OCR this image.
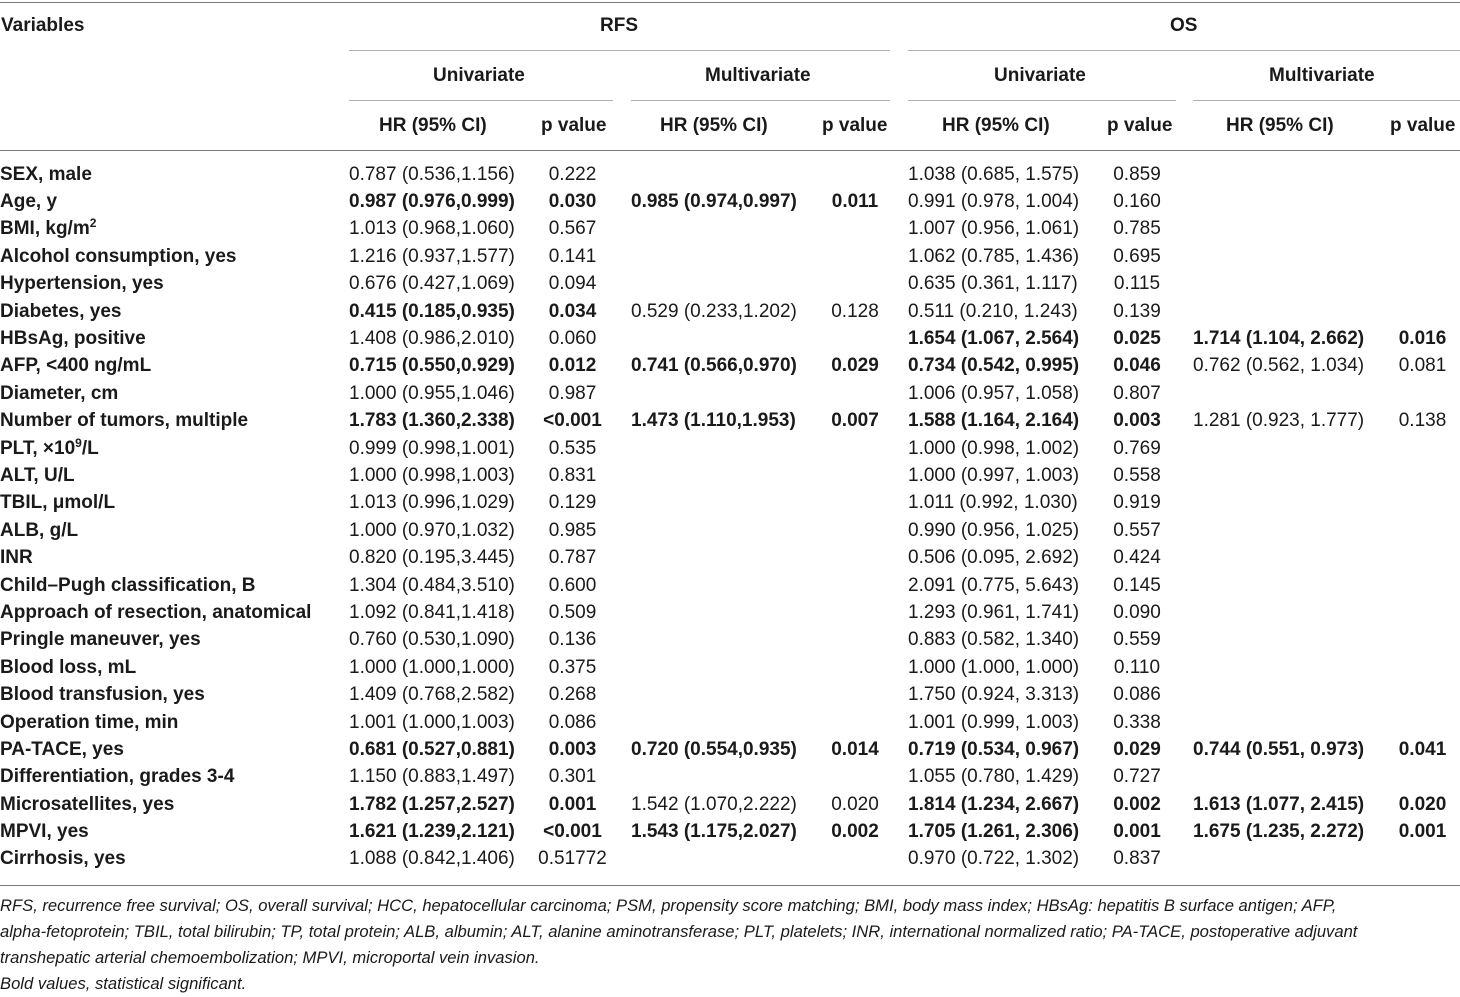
Variables	RFS	OS
Univariate	Multivariate	Univariate	Multivariate
HR (95% CI)	p value	HR (95% CI)	p value	HR (95% CI)	p value	HR (95% CI)	p value
SEX, male	0.787 (0.536,1.156)	0.222					1.038 (0.685, 1.575)	0.859			
Age, y	0.987 (0.976,0.999)	0.030		0.985 (0.974,0.997)	0.011		0.991 (0.978, 1.004)	0.160			
BMI, $kg/m^2$	1.013 (0.968,1.060)	0.567					1.007 (0.956, 1.061)	0.785			
Alcohol consumption, yes	1.216 (0.937,1.577)	0.141					1.062 (0.785, 1.436)	0.695			
Hypertension, yes	0.676 (0.427,1.069)	0.094					0.635 (0.361, 1.117)	0.115			
Diabetes, yes	0.415 (0.185,0.935)	0.034		0.529 (0.233,1.202)	0.128		0.511 (0.210, 1.243)	0.139			
HBsAg, positive	1.408 (0.986,2.010)	0.060					1.654 (1.067, 2.564)	0.025		1.714 (1.104, 2.662)	0.016
AFP, <400 ng/mL	0.715 (0.550,0.929)	0.012		0.741 (0.566,0.970)	0.029		0.734 (0.542, 0.995)	0.046		0.762 (0.562, 1.034)	0.081
Diameter, cm	1.000 (0.955,1.046)	0.987					1.006 (0.957, 1.058)	0.807			
Number of tumors, multiple	1.783 (1.360,2.338)	<0.001		1.473 (1.110,1.953)	0.007		1.588 (1.164, 2.164)	0.003		1.281 (0.923, 1.777)	0.138
PLT, $\times 10^9/L$	0.999 (0.998,1.001)	0.535					1.000 (0.998, 1.002)	0.769			
ALT, U/L	1.000 (0.998,1.003)	0.831					1.000 (0.997, 1.003)	0.558			
TBIL, μmol/L	1.013 (0.996,1.029)	0.129					1.011 (0.992, 1.030)	0.919			
ALB, g/L	1.000 (0.970,1.032)	0.985					0.990 (0.956, 1.025)	0.557			
INR	0.820 (0.195,3.445)	0.787					0.506 (0.095, 2.692)	0.424			
Child–Pugh classification, B	1.304 (0.484,3.510)	0.600					2.091 (0.775, 5.643)	0.145			
Approach of resection, anatomical	1.092 (0.841,1.418)	0.509					1.293 (0.961, 1.741)	0.090			
Pringle maneuver, yes	0.760 (0.530,1.090)	0.136					0.883 (0.582, 1.340)	0.559			
Blood loss, mL	1.000 (1.000,1.000)	0.375					1.000 (1.000, 1.000)	0.110			
Blood transfusion, yes	1.409 (0.768,2.582)	0.268					1.750 (0.924, 3.313)	0.086			
Operation time, min	1.001 (1.000,1.003)	0.086					1.001 (0.999, 1.003)	0.338			
PA-TACE, yes	0.681 (0.527,0.881)	0.003		0.720 (0.554,0.935)	0.014		0.719 (0.534, 0.967)	0.029		0.744 (0.551, 0.973)	0.041
Differentiation, grades 3-4	1.150 (0.883,1.497)	0.301					1.055 (0.780, 1.429)	0.727			
Microsatellites, yes	1.782 (1.257,2.527)	0.001		1.542 (1.070,2.222)	0.020		1.814 (1.234, 2.667)	0.002		1.613 (1.077, 2.415)	0.020
MPVI, yes	1.621 (1.239,2.121)	<0.001		1.543 (1.175,2.027)	0.002		1.705 (1.261, 2.306)	0.001		1.675 (1.235, 2.272)	0.001
Cirrhosis, yes	1.088 (0.842,1.406)	0.51772					0.970 (0.722, 1.302)	0.837			
RFS, recurrence free survival; OS, overall survival; HCC, hepatocellular carcinoma; PSM, propensity score matching; BMI, body mass index; HBsAg: hepatitis B surface antigen; AFP,
alpha-fetoprotein; TBIL, total bilirubin; TP, total protein; ALB, albumin; ALT, alanine aminotransferase; PLT, platelets; INR, international normalized ratio; PA-TACE, postoperative adjuvant
transhepatic arterial chemoembolization; MPVI, microportal vein invasion.
Bold values, statistical significant.
